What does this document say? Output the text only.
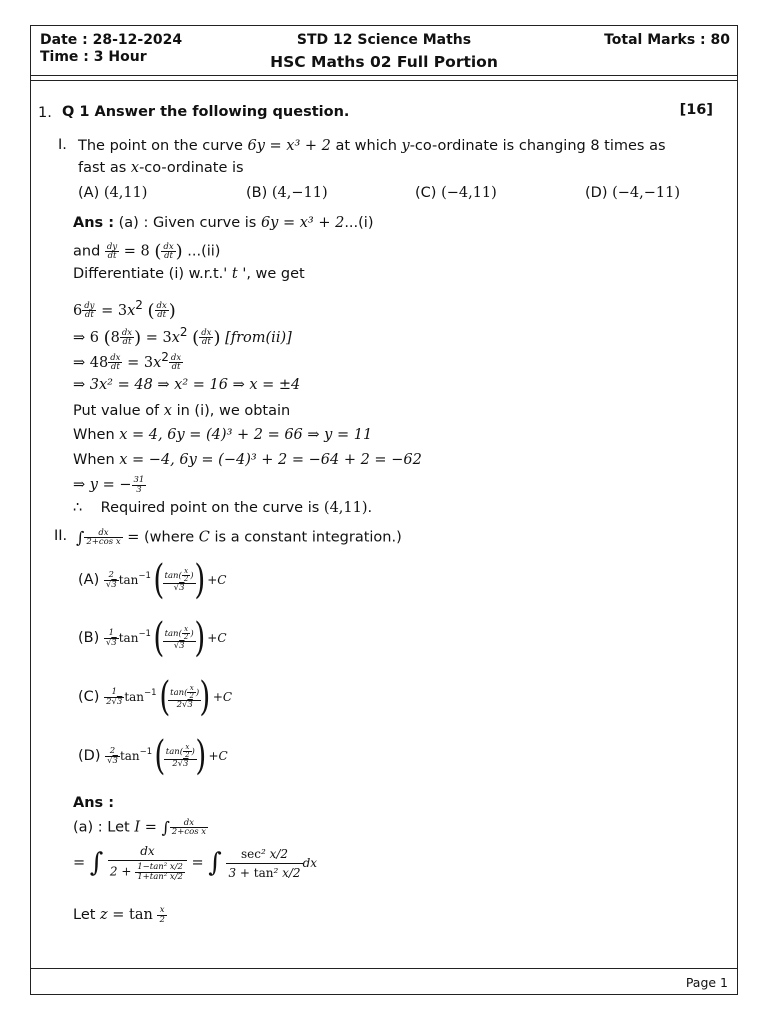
Date : 28-12-2024
Time : 3 Hour
STD 12 Science Maths
HSC Maths 02 Full Portion
Total Marks : 80
1. Q 1 Answer the following question.	[16]
I. The point on the curve 6y = x³ + 2 at which y-co-ordinate is changing 8 times as
fast as x-co-ordinate is
(A) (4,11)	(B) (4,−11)	(C) (−4,11)	(D) (−4,−11)
Ans : (a) : Given curve is 6y = x³ + 2...(i)
and $\frac{dy}{dt} = 8$ ( $\frac{dx}{dt}$ ) ...(ii)
Differentiate (i) w.r.t.' t ', we get
$6 \frac{dy}{dt} = 3x^2$ ( $\frac{dx}{dt}$ )
⇒ 6 ($8 \frac{dx}{dt}$ ) = $3x^2$ ( $\frac{dx}{dt}$ ) [from(ii)]
⇒ $48 \frac{dx}{dt} = 3x^2 \frac{dx}{dt}$
⇒ 3x² = 48 ⇒ x² = 16 ⇒ x = ±4
Put value of x in (i), we obtain
When x = 4, 6y = (4)³ + 2 = 66 ⇒ y = 11
When x = −4, 6y = (−4)³ + 2 = −64 + 2 = −62
⇒ y = − $\frac{31}{3}$
∴ Required point on the curve is (4,11).
II. ∫ $\frac{dx}{\text{2+cos x}}$ = (where C is a constant integration.)
$(A) \frac{2}{√3} \tan^{-1}$(
$\frac{\tan( \frac{x}{2} )}{√3}$
) +C
$(B) \frac{1}{√3} \tan^{-1}$(
$\frac{\tan( \frac{x}{2} )}{√3}$
) +C
$(C) \frac{1}{2√3} \tan^{-1}$(
$\frac{\tan( \frac{x}{2} )}{2√3}$
) +C
$(D) \frac{2}{√3} \tan^{-1}$(
$\frac{\tan( \frac{x}{2} )}{2√3}$
) +C
Ans :
(a) : Let I = ∫ $\frac{dx}{\text{2+cos x}}$
= ∫ $\frac{dx}{2 + \frac{\text{1−tan² x/2}}{\text{1+tan² x/2}}}$ = ∫ $\frac{\text{sec² x/2}}{\text{3 + tan² x/2}}$ dx
Let $z = \tan \frac{x}{2}$
Page 1
